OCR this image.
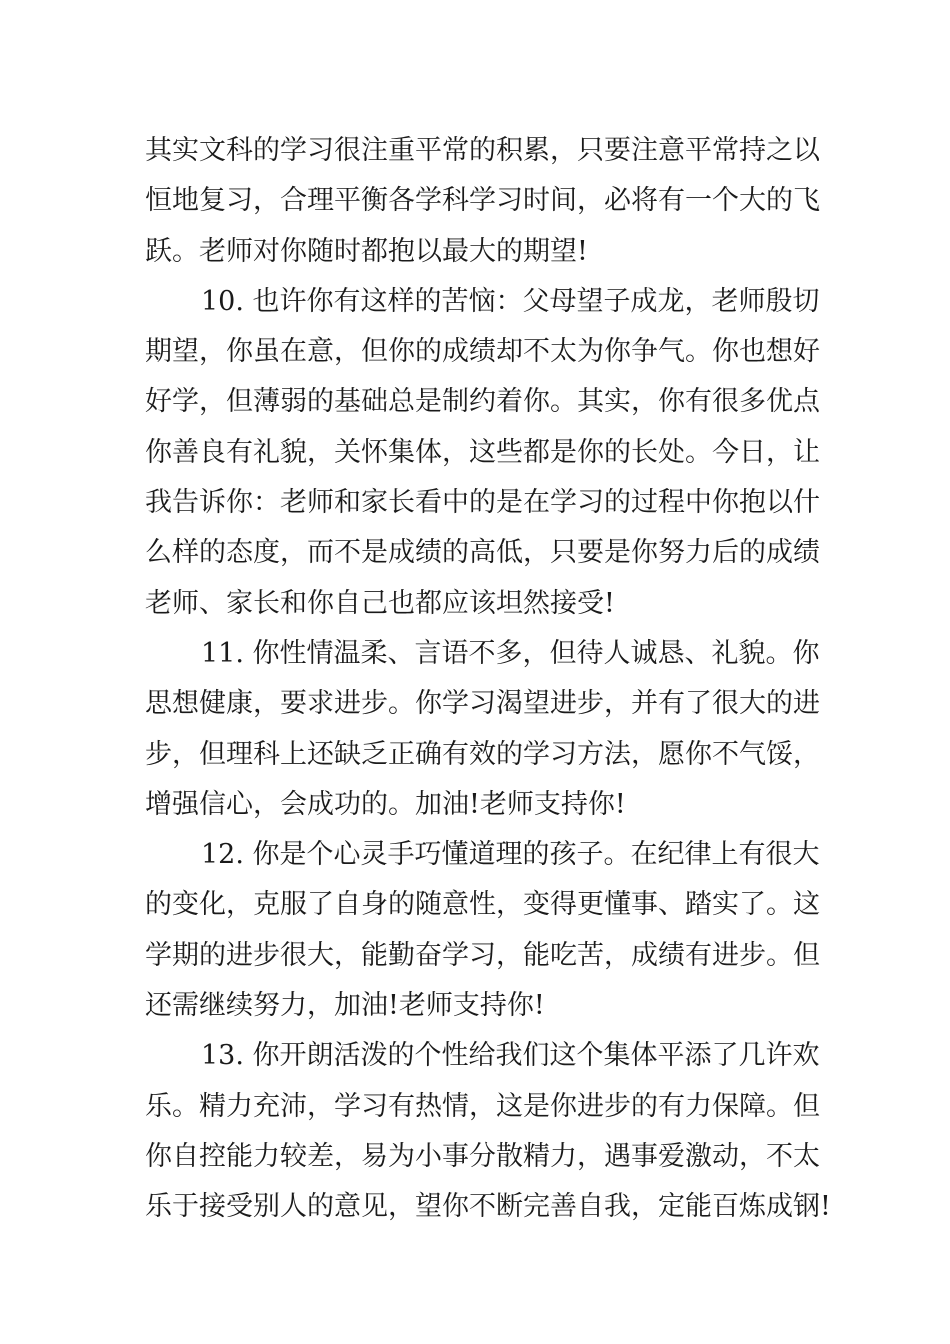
其实文科的学习很注重平常的积累，只要注意平常持之以
恒地复习，合理平衡各学科学习时间，必将有一个大的飞
跃。老师对你随时都抱以最大的期望!
10. 也许你有这样的苦恼：父母望子成龙，老师殷切
期望，你虽在意，但你的成绩却不太为你争气。你也想好
好学，但薄弱的基础总是制约着你。其实，你有很多优点
你善良有礼貌，关怀集体，这些都是你的长处。今日，让
我告诉你：老师和家长看中的是在学习的过程中你抱以什
么样的态度，而不是成绩的高低，只要是你努力后的成绩
老师、家长和你自己也都应该坦然接受!
11. 你性情温柔、言语不多，但待人诚恳、礼貌。你
思想健康，要求进步。你学习渴望进步，并有了很大的进
步，但理科上还缺乏正确有效的学习方法，愿你不气馁，
增强信心，会成功的。加油!老师支持你!
12. 你是个心灵手巧懂道理的孩子。在纪律上有很大
的变化，克服了自身的随意性，变得更懂事、踏实了。这
学期的进步很大，能勤奋学习，能吃苦，成绩有进步。但
还需继续努力，加油!老师支持你!
13. 你开朗活泼的个性给我们这个集体平添了几许欢
乐。精力充沛，学习有热情，这是你进步的有力保障。但
你自控能力较差，易为小事分散精力，遇事爱激动，不太
乐于接受别人的意见，望你不断完善自我，定能百炼成钢!
